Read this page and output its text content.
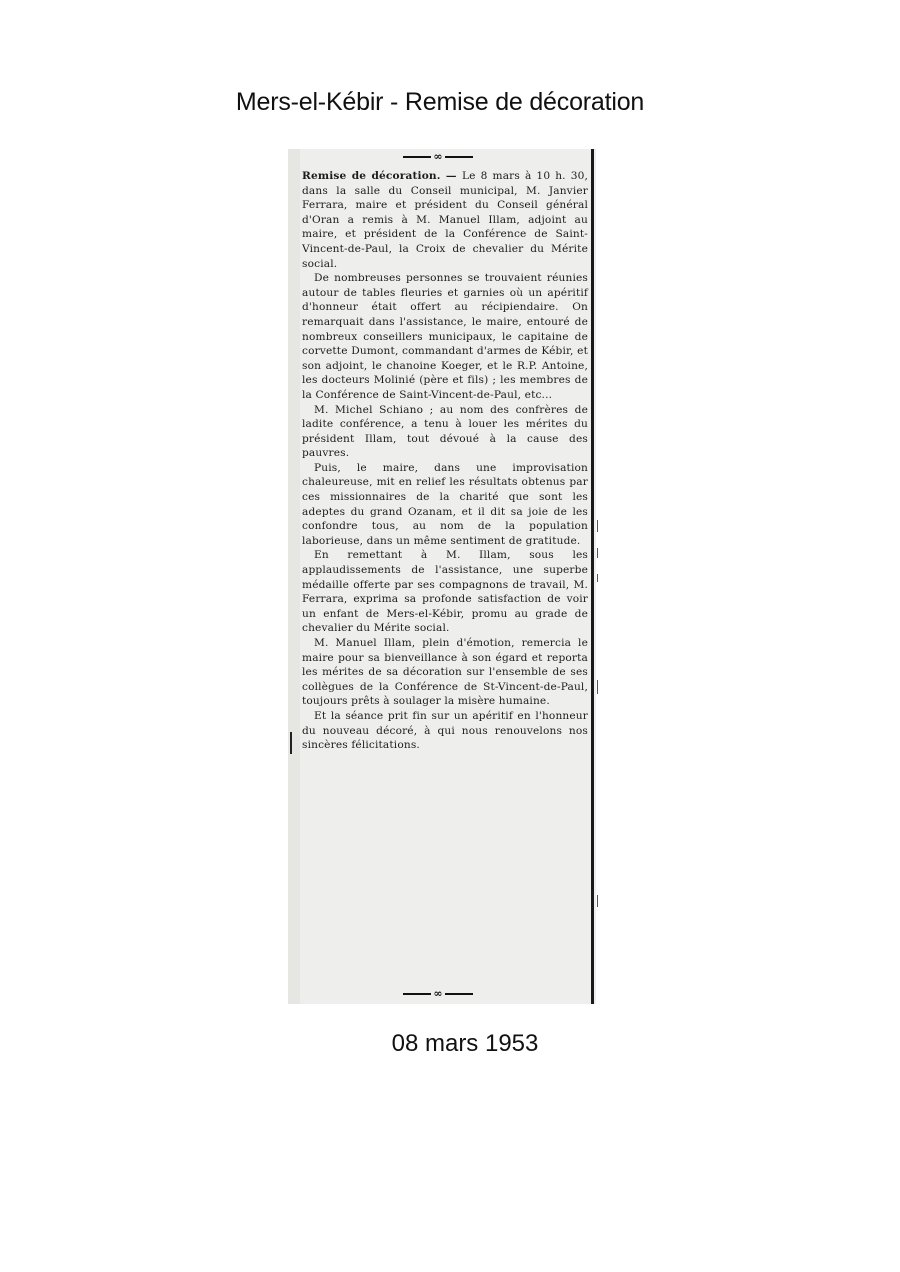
Mers-el-Kébir - Remise de décoration
∞

Remise de décoration. — Le 8 mars à 10 h. 30, dans la salle du Conseil municipal, M. Janvier Ferrara, maire et président du Conseil général d'Oran a remis à M. Manuel Illam, adjoint au maire, et président de la Conférence de Saint-Vincent-de-Paul, la Croix de chevalier du Mérite social.

De nombreuses personnes se trouvaient réunies autour de tables fleuries et garnies où un apéritif d'honneur était offert au récipiendaire. On remarquait dans l'assistance, le maire, entouré de nombreux conseillers municipaux, le capitaine de corvette Dumont, commandant d'armes de Kébir, et son adjoint, le chanoine Koeger, et le R.P. Antoine, les docteurs Molinié (père et fils) ; les membres de la Conférence de Saint-Vincent-de-Paul, etc...

M. Michel Schiano ; au nom des confrères de ladite conférence, a tenu à louer les mérites du président Illam, tout dévoué à la cause des pauvres.

Puis, le maire, dans une improvisation chaleureuse, mit en relief les résultats obtenus par ces missionnaires de la charité que sont les adeptes du grand Ozanam, et il dit sa joie de les confondre tous, au nom de la population laborieuse, dans un même sentiment de gratitude.

En remettant à M. Illam, sous les applaudissements de l'assistance, une superbe médaille offerte par ses compagnons de travail, M. Ferrara, exprima sa profonde satisfaction de voir un enfant de Mers-el-Kébir, promu au grade de chevalier du Mérite social.

M. Manuel Illam, plein d'émotion, remercia le maire pour sa bienveillance à son égard et reporta les mérites de sa décoration sur l'ensemble de ses collègues de la Conférence de St-Vincent-de-Paul, toujours prêts à soulager la misère humaine.

Et la séance prit fin sur un apéritif en l'honneur du nouveau décoré, à qui nous renouvelons nos sincères félicitations.

∞
08 mars 1953
